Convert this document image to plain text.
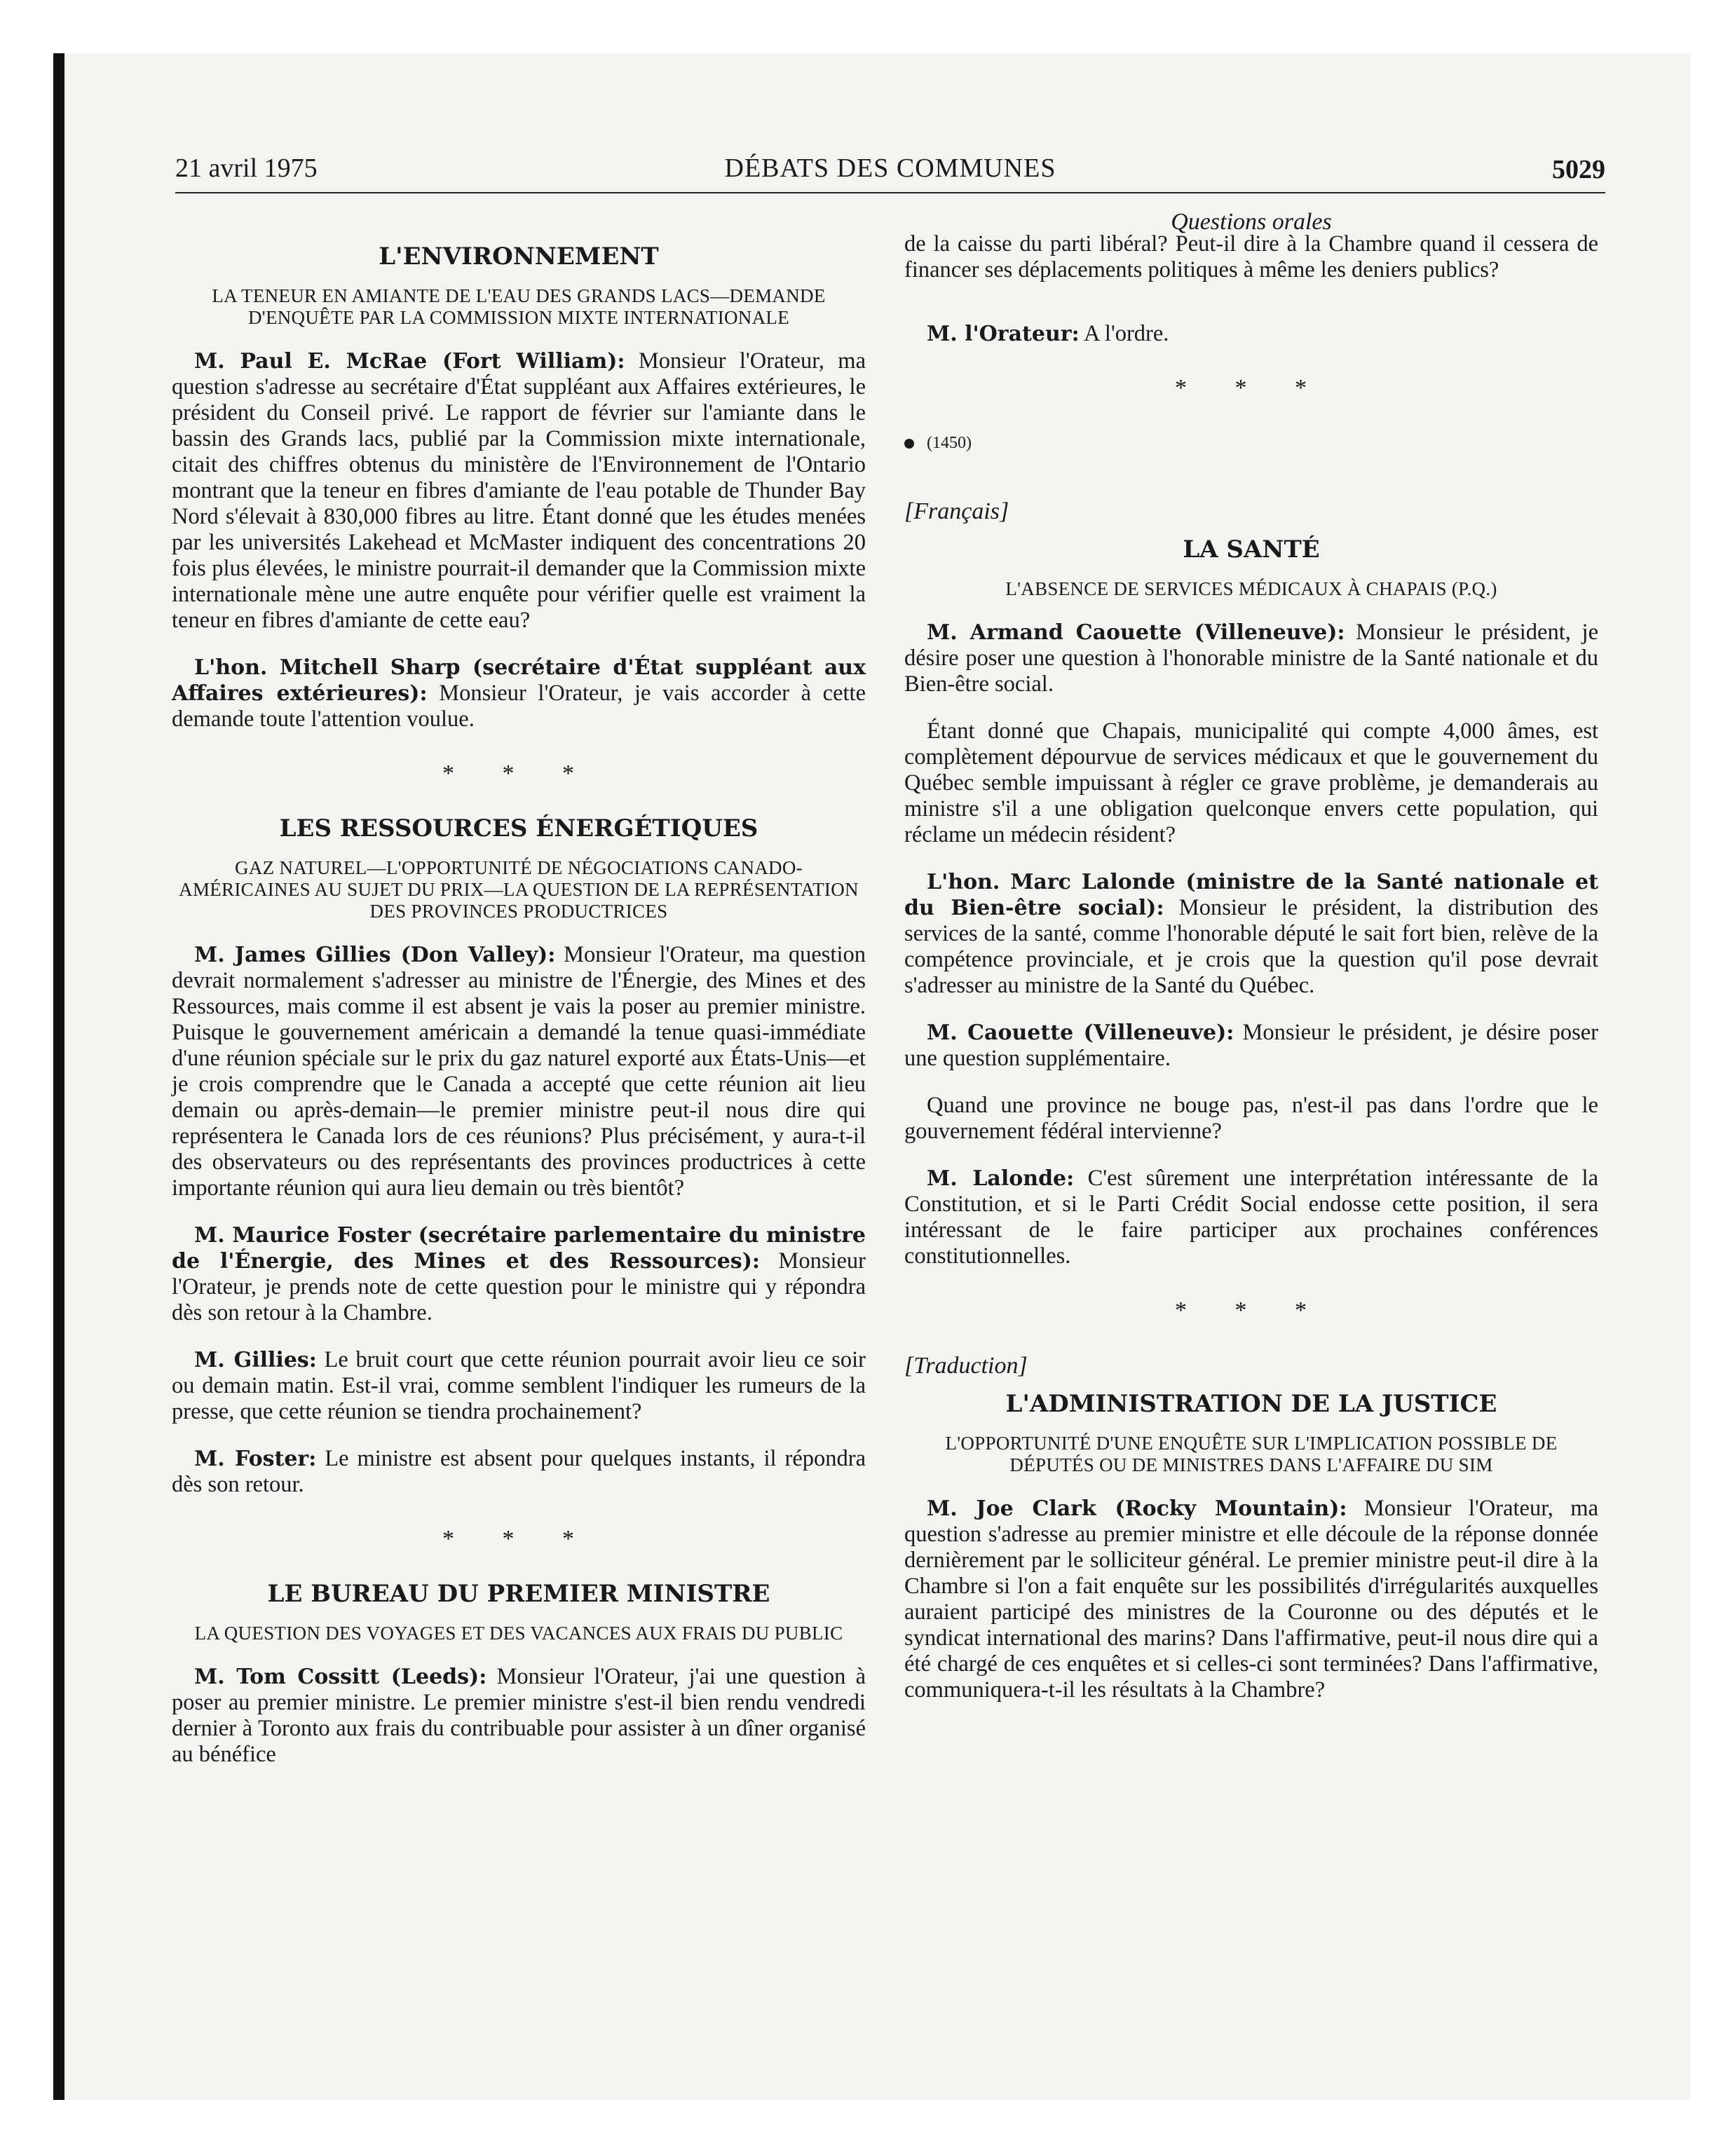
21 avril 1975	DÉBATS DES COMMUNES	5029
Questions orales
L'ENVIRONNEMENT
LA TENEUR EN AMIANTE DE L'EAU DES GRANDS LACS—DEMANDE D'ENQUÊTE PAR LA COMMISSION MIXTE INTERNATIONALE

M. Paul E. McRae (Fort William): Monsieur l'Orateur, ma question s'adresse au secrétaire d'État suppléant aux Affaires extérieures, le président du Conseil privé. Le rapport de février sur l'amiante dans le bassin des Grands lacs, publié par la Commission mixte internationale, citait des chiffres obtenus du ministère de l'Environnement de l'Ontario montrant que la teneur en fibres d'amiante de l'eau potable de Thunder Bay Nord s'élevait à 830,000 fibres au litre. Étant donné que les études menées par les universités Lakehead et McMaster indiquent des concentrations 20 fois plus élevées, le ministre pourrait-il demander que la Commission mixte internationale mène une autre enquête pour vérifier quelle est vraiment la teneur en fibres d'amiante de cette eau?

L'hon. Mitchell Sharp (secrétaire d'État suppléant aux Affaires extérieures): Monsieur l'Orateur, je vais accorder à cette demande toute l'attention voulue.

* * *
LES RESSOURCES ÉNERGÉTIQUES
GAZ NATUREL—L'OPPORTUNITÉ DE NÉGOCIATIONS CANADO-AMÉRICAINES AU SUJET DU PRIX—LA QUESTION DE LA REPRÉSENTATION DES PROVINCES PRODUCTRICES

M. James Gillies (Don Valley): Monsieur l'Orateur, ma question devrait normalement s'adresser au ministre de l'Énergie, des Mines et des Ressources, mais comme il est absent je vais la poser au premier ministre. Puisque le gouvernement américain a demandé la tenue quasi-immédiate d'une réunion spéciale sur le prix du gaz naturel exporté aux États-Unis—et je crois comprendre que le Canada a accepté que cette réunion ait lieu demain ou après-demain—le premier ministre peut-il nous dire qui représentera le Canada lors de ces réunions? Plus précisément, y aura-t-il des observateurs ou des représentants des provinces productrices à cette importante réunion qui aura lieu demain ou très bientôt?

M. Maurice Foster (secrétaire parlementaire du ministre de l'Énergie, des Mines et des Ressources): Monsieur l'Orateur, je prends note de cette question pour le ministre qui y répondra dès son retour à la Chambre.

M. Gillies: Le bruit court que cette réunion pourrait avoir lieu ce soir ou demain matin. Est-il vrai, comme semblent l'indiquer les rumeurs de la presse, que cette réunion se tiendra prochainement?

M. Foster: Le ministre est absent pour quelques instants, il répondra dès son retour.

* * *
LE BUREAU DU PREMIER MINISTRE
LA QUESTION DES VOYAGES ET DES VACANCES AUX FRAIS DU PUBLIC

M. Tom Cossitt (Leeds): Monsieur l'Orateur, j'ai une question à poser au premier ministre. Le premier ministre s'est-il bien rendu vendredi dernier à Toronto aux frais du contribuable pour assister à un dîner organisé au bénéfice

de la caisse du parti libéral? Peut-il dire à la Chambre quand il cessera de financer ses déplacements politiques à même les deniers publics?

M. l'Orateur: A l'ordre.

* * *

(1450)

[Français]

LA SANTÉ
L'ABSENCE DE SERVICES MÉDICAUX À CHAPAIS (P.Q.)

M. Armand Caouette (Villeneuve): Monsieur le président, je désire poser une question à l'honorable ministre de la Santé nationale et du Bien-être social.

Étant donné que Chapais, municipalité qui compte 4,000 âmes, est complètement dépourvue de services médicaux et que le gouvernement du Québec semble impuissant à régler ce grave problème, je demanderais au ministre s'il a une obligation quelconque envers cette population, qui réclame un médecin résident?

L'hon. Marc Lalonde (ministre de la Santé nationale et du Bien-être social): Monsieur le président, la distribution des services de la santé, comme l'honorable député le sait fort bien, relève de la compétence provinciale, et je crois que la question qu'il pose devrait s'adresser au ministre de la Santé du Québec.

M. Caouette (Villeneuve): Monsieur le président, je désire poser une question supplémentaire.

Quand une province ne bouge pas, n'est-il pas dans l'ordre que le gouvernement fédéral intervienne?

M. Lalonde: C'est sûrement une interprétation intéressante de la Constitution, et si le Parti Crédit Social endosse cette position, il sera intéressant de le faire participer aux prochaines conférences constitutionnelles.

* * *

[Traduction]

L'ADMINISTRATION DE LA JUSTICE
L'OPPORTUNITÉ D'UNE ENQUÊTE SUR L'IMPLICATION POSSIBLE DE DÉPUTÉS OU DE MINISTRES DANS L'AFFAIRE DU SIM

M. Joe Clark (Rocky Mountain): Monsieur l'Orateur, ma question s'adresse au premier ministre et elle découle de la réponse donnée dernièrement par le solliciteur général. Le premier ministre peut-il dire à la Chambre si l'on a fait enquête sur les possibilités d'irrégularités auxquelles auraient participé des ministres de la Couronne ou des députés et le syndicat international des marins? Dans l'affirmative, peut-il nous dire qui a été chargé de ces enquêtes et si celles-ci sont terminées? Dans l'affirmative, communiquera-t-il les résultats à la Chambre?
